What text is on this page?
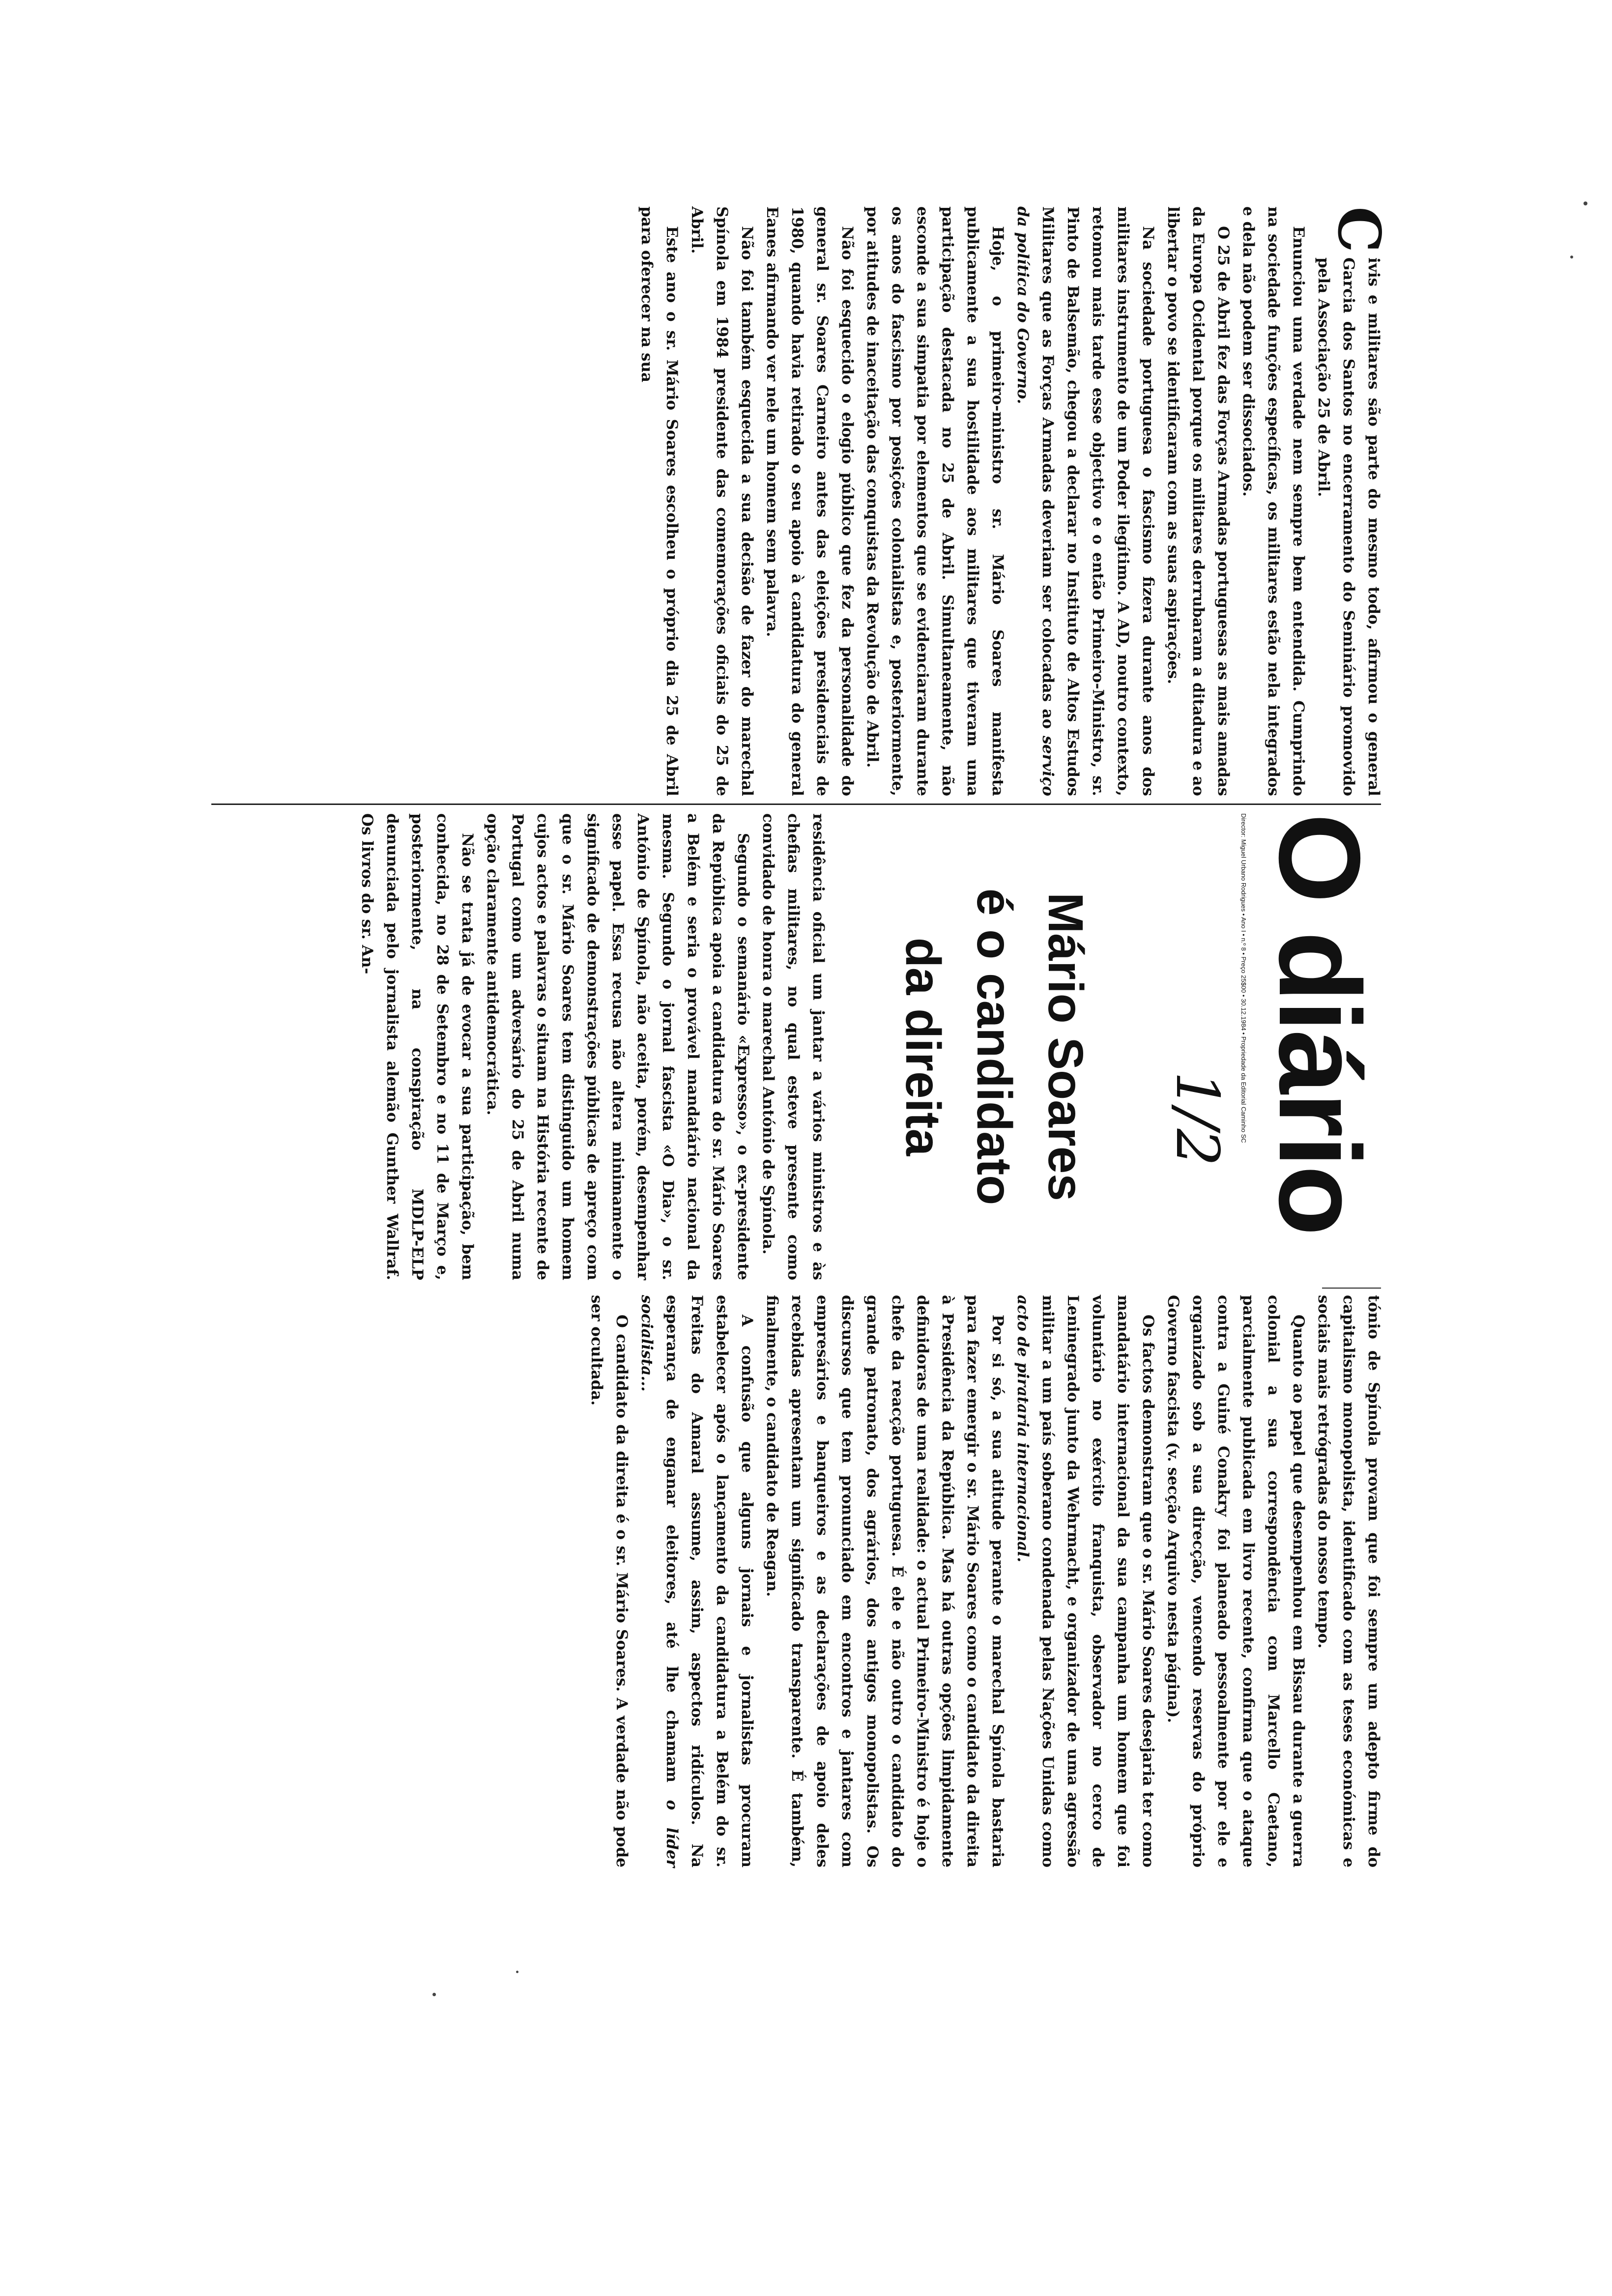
C
ivis e militares são parte do mesmo todo, afirmou o general Garcia dos Santos no encerramento do Seminário promovido pela Associação 25 de Abril.

Enunciou uma verdade nem sempre bem entendida. Cumprindo na sociedade funções específicas, os militares estão nela integrados e dela não podem ser dissociados.

O 25 de Abril fez das Forças Armadas portuguesas as mais amadas da Europa Ocidental porque os militares derrubaram a ditadura e ao libertar o povo se identificaram com as suas aspirações.

Na sociedade portuguesa o fascismo fizera durante anos dos militares instrumento de um Poder ilegítimo. A AD, noutro contexto, retomou mais tarde esse objectivo e o então Primeiro-Ministro, sr. Pinto de Balsemão, chegou a declarar no Instituto de Altos Estudos Militares que as Forças Armadas deveriam ser colocadas ao serviço da política do Governo.

Hoje, o primeiro-ministro sr. Mário Soares manifesta publicamente a sua hostilidade aos militares que tiveram uma participação destacada no 25 de Abril. Simultaneamente, não esconde a sua simpatia por elementos que se evidenciaram durante os anos do fascismo por posições colonialistas e, posteriormente, por atitudes de inaceitação das conquistas da Revolução de Abril.

Não foi esquecido o elogio público que fez da personalidade do general sr. Soares Carneiro antes das eleições presidenciais de 1980, quando havia retirado o seu apoio à candidatura do general Eanes afirmando ver nele um homem sem palavra.

Não foi também esquecida a sua decisão de fazer do marechal Spínola em 1984 presidente das comemorações oficiais do 25 de Abril.

Este ano o sr. Mário Soares escolheu o próprio dia 25 de Abril para oferecer na sua

O diário
Director: Miguel Urbano Rodrigues • Ano I • n.º 8 • Preço 25$00 • 30.12.1984 • Propriedade da Editorial Caminho SC
1/2
Mário Soares
é o candidato
da direita

residência oficial um jantar a vários ministros e às chefias militares, no qual esteve presente como convidado de honra o marechal António de Spínola.

Segundo o semanário «Expresso», o ex-presidente da República apoia a candidatura do sr. Mário Soares a Belém e seria o provável mandatário nacional da mesma. Segundo o jornal fascista «O Dia», o sr. António de Spínola, não aceita, porém, desempenhar esse papel. Essa recusa não altera minimamente o significado de demonstrações públicas de apreço com que o sr. Mário Soares tem distinguido um homem cujos actos e palavras o situam na História recente de Portugal como um adversário do 25 de Abril numa opção claramente antidemocrática.

Não se trata já de evocar a sua participação, bem conhecida, no 28 de Setembro e no 11 de Março e, posteriormente, na conspiração MDLP-ELP denunciada pelo jornalista alemão Gunther Wallraf. Os livros do sr. An-

tónio de Spínola provam que foi sempre um adepto firme do capitalismo monopolista, identificado com as teses económicas e sociais mais retrógradas do nosso tempo.

Quanto ao papel que desempenhou em Bissau durante a guerra colonial a sua correspondência com Marcello Caetano, parcialmente publicada em livro recente, confirma que o ataque contra a Guiné Conakry foi planeado pessoalmente por ele e organizado sob a sua direcção, vencendo reservas do próprio Governo fascista (v. secção Arquivo nesta página).

Os factos demonstram que o sr. Mário Soares desejaria ter como mandatário internacional da sua campanha um homem que foi voluntário no exército franquista, observador no cerco de Leninegrado junto da Wehrmacht, e organizador de uma agressão militar a um país soberano condenada pelas Nações Unidas como acto de pirataria internacional.

Por si só, a sua atitude perante o marechal Spínola bastaria para fazer emergir o sr. Mário Soares como o candidato da direita à Presidência da República. Mas há outras opções limpidamente definidoras de uma realidade: o actual Primeiro-Ministro é hoje o chefe da reacção portuguesa. É ele e não outro o candidato do grande patronato, dos agrários, dos antigos monopolistas. Os discursos que tem pronunciado em encontros e jantares com empresários e banqueiros e as declarações de apoio deles recebidas apresentam um significado transparente. É também, finalmente, o candidato de Reagan.

A confusão que alguns jornais e jornalistas procuram estabelecer após o lançamento da candidatura a Belém do sr. Freitas do Amaral assume, assim, aspectos ridículos. Na esperança de enganar eleitores, até lhe chamam o líder socialista...

O candidato da direita é o sr. Mário Soares. A verdade não pode ser ocultada.
